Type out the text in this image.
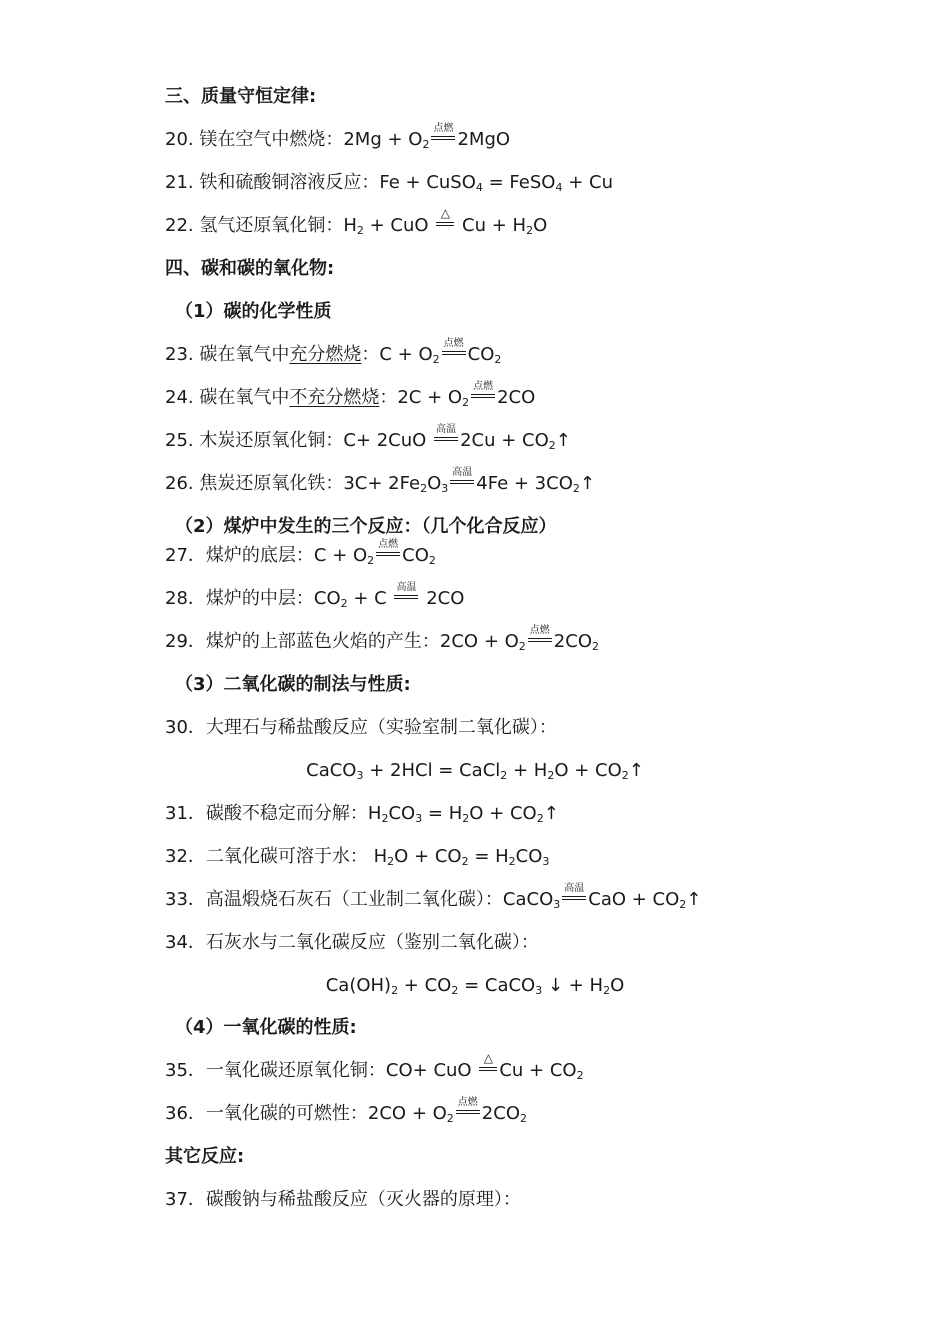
三、质量守恒定律:
20. 镁在空气中燃烧：$2Mg + O_2$
点燃
2MgO
21. 铁和硫酸铜溶液反应：Fe + CuSO$_4$ = FeSO$_4$ + Cu
22. 氢气还原氧化铜：$H_2$ + CuO
△
$Cu + H_2O$
四、碳和碳的氧化物:
（1）碳的化学性质
23. 碳在氧气中充分燃烧：$C + O_2$
点燃
$CO_2$
24. 碳在氧气中不充分燃烧：$2C + O_2$
点燃
2CO
25. 木炭还原氧化铜：C+ 2CuO
高温
$2Cu + CO_2↑$
26. 焦炭还原氧化铁：$3C+ 2Fe_2O_3$
高温
$4Fe + 3CO_2↑$
（2）煤炉中发生的三个反应：（几个化合反应）
27．煤炉的底层：$C + O_2$
点燃
$CO_2$
28．煤炉的中层：$CO_2 + C$
高温
2CO
29．煤炉的上部蓝色火焰的产生：$2CO + O_2$
点燃
$2CO_2$
（3）二氧化碳的制法与性质:
30．大理石与稀盐酸反应（实验室制二氧化碳）：
CaCO$_3$ + 2HCl = CaCl$_2$ + $H_2O$ + $CO_2↑$
31．碳酸不稳定而分解：$H_2CO_3 = H_2O$ + $CO_2↑$
32．二氧化碳可溶于水： $H_2O + CO_2 = H_2CO_3$
33．高温煅烧石灰石（工业制二氧化碳）：CaCO$_3$
高温
CaO + $CO_2↑$
34．石灰水与二氧化碳反应（鉴别二氧化碳）：
$Ca(OH)_2 + CO_2$ = CaCO$_3$ ↓ + $H_2O$
（4）一氧化碳的性质:
35．一氧化碳还原氧化铜：CO+ CuO
△
$Cu + CO_2$
36．一氧化碳的可燃性：$2CO + O_2$
点燃
$2CO_2$
其它反应:
37．碳酸钠与稀盐酸反应（灭火器的原理）：
